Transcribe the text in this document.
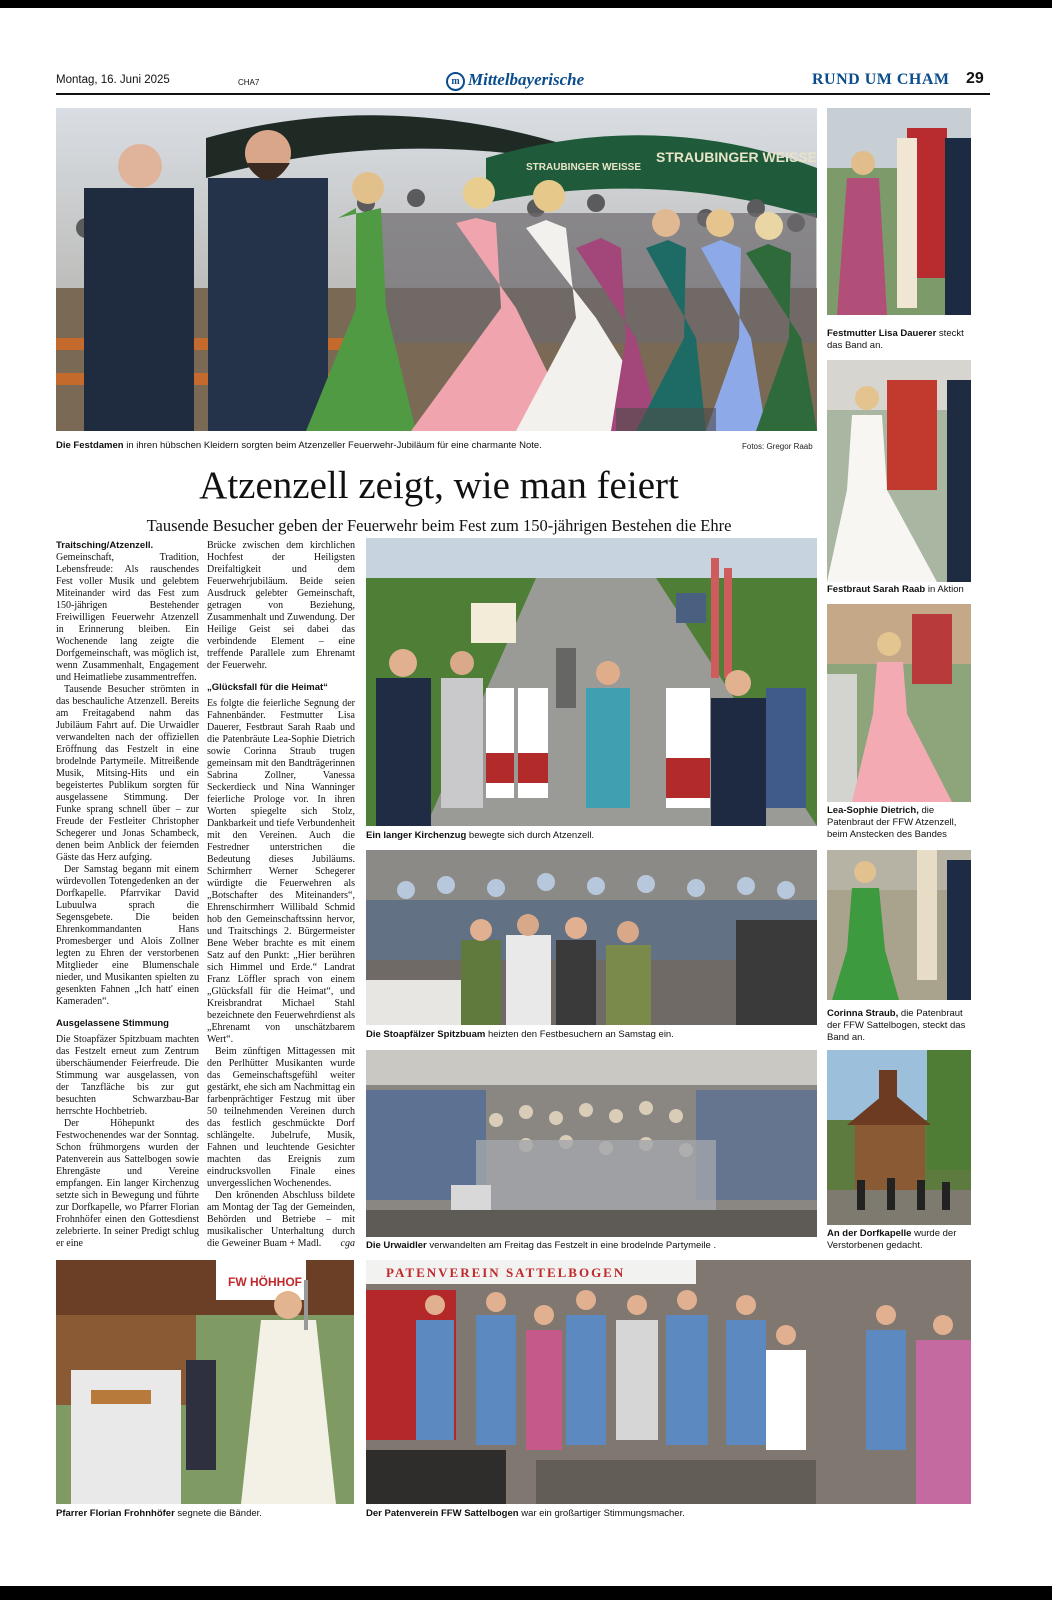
Montag, 16. Juni 2025	CHA7	m Mittelbayerische	RUND UM CHAM 29
STRAUBINGER WEISSE
STRAUBINGER WEISSE
Die Festdamen in ihren hübschen Kleidern sorgten beim Atzenzeller Feuerwehr-Jubiläum für eine charmante Note.	Fotos: Gregor Raab
Atzenzell zeigt, wie man feiert
Tausende Besucher geben der Feuerwehr beim Fest zum 150-jährigen Bestehen die Ehre
Festmutter Lisa Dauerer steckt das Band an.
Festbraut Sarah Raab in Aktion
Lea-Sophie Dietrich, die Patenbraut der FFW Atzenzell, beim Anstecken des Bandes
Corinna Straub, die Patenbraut der FFW Sattelbogen, steckt das Band an.
An der Dorfkapelle wurde der Verstorbenen gedacht.
Ein langer Kirchenzug bewegte sich durch Atzenzell.
Die Stoapfälzer Spitzbuam heizten den Festbesuchern an Samstag ein.
Die Urwaidler verwandelten am Freitag das Festzelt in eine brodelnde Partymeile .
FW HÖHHOF
Pfarrer Florian Frohnhöfer segnete die Bänder.
PATENVEREIN SATTELBOGEN
Der Patenverein FFW Sattelbogen war ein großartiger Stimmungsmacher.

Traitsching/Atzenzell. Gemeinschaft, Tradition, Lebensfreude: Als rauschendes Fest voller Musik und gelebtem Miteinander wird das Fest zum 150-jährigen Bestehender Freiwilligen Feuerwehr Atzenzell in Erinnerung bleiben. Ein Wochenende lang zeigte die Dorfgemeinschaft, was möglich ist, wenn Zusammenhalt, Engagement und Heimatliebe zusammentreffen.

Tausende Besucher strömten in das beschauliche Atzenzell. Bereits am Freitagabend nahm das Jubiläum Fahrt auf. Die Urwaidler verwandelten nach der offiziellen Eröffnung das Festzelt in eine brodelnde Partymeile. Mitreißende Musik, Mitsing-Hits und ein begeistertes Publikum sorgten für ausgelassene Stimmung. Der Funke sprang schnell über – zur Freude der Festleiter Christopher Schegerer und Jonas Schambeck, denen beim Anblick der feiernden Gäste das Herz aufging.

Der Samstag begann mit einem würdevollen Totengedenken an der Dorfkapelle. Pfarrvikar David Lubuulwa sprach die Segensgebete. Die beiden Ehrenkommandanten Hans Promesberger und Alois Zollner legten zu Ehren der verstorbenen Mitglieder eine Blumenschale nieder, und Musikanten spielten zu gesenkten Fahnen „Ich hatt' einen Kameraden“.

Ausgelassene Stimmung

Die Stoapfäzer Spitzbuam machten das Festzelt erneut zum Zentrum überschäumender Feierfreude. Die Stimmung war ausgelassen, von der Tanzfläche bis zur gut besuchten Schwarzbau-Bar herrschte Hochbetrieb.

Der Höhepunkt des Festwochenendes war der Sonntag. Schon frühmorgens wurden der Patenverein aus Sattelbogen sowie Ehrengäste und Vereine empfangen. Ein langer Kirchenzug setzte sich in Bewegung und führte zur Dorfkapelle, wo Pfarrer Florian Frohnhöfer einen den Gottesdienst zelebrierte. In seiner Predigt schlug er eine

Brücke zwischen dem kirchlichen Hochfest der Heiligsten Dreifaltigkeit und dem Feuerwehrjubiläum. Beide seien Ausdruck gelebter Gemeinschaft, getragen von Beziehung, Zusammenhalt und Zuwendung. Der Heilige Geist sei dabei das verbindende Element – eine treffende Parallele zum Ehrenamt der Feuerwehr.

„Glücksfall für die Heimat“

Es folgte die feierliche Segnung der Fahnenbänder. Festmutter Lisa Dauerer, Festbraut Sarah Raab und die Patenbräute Lea-Sophie Dietrich sowie Corinna Straub trugen gemeinsam mit den Bandträgerinnen Sabrina Zollner, Vanessa Seckerdieck und Nina Wanninger feierliche Prologe vor. In ihren Worten spiegelte sich Stolz, Dankbarkeit und tiefe Verbundenheit mit den Vereinen. Auch die Festredner unterstrichen die Bedeutung dieses Jubiläums. Schirmherr Werner Schegerer würdigte die Feuerwehren als „Botschafter des Miteinanders“, Ehrenschirmherr Willibald Schmid hob den Gemeinschaftssinn hervor, und Traitschings 2. Bürgermeister Bene Weber brachte es mit einem Satz auf den Punkt: „Hier berühren sich Himmel und Erde.“ Landrat Franz Löffler sprach von einem „Glücksfall für die Heimat“, und Kreisbrandrat Michael Stahl bezeichnete den Feuerwehrdienst als „Ehrenamt von unschätzbarem Wert“.

Beim zünftigen Mittagessen mit den Perlhütter Musikanten wurde das Gemeinschaftsgefühl weiter gestärkt, ehe sich am Nachmittag ein farbenprächtiger Festzug mit über 50 teilnehmenden Vereinen durch das festlich geschmückte Dorf schlängelte. Jubelrufe, Musik, Fahnen und leuchtende Gesichter machten das Ereignis zum eindrucksvollen Finale eines unvergesslichen Wochenendes.

Den krönenden Abschluss bildete am Montag der Tag der Gemeinden, Behörden und Betriebe – mit musikalischer Unterhaltung durch die Geweiner Buam + Madl.	cga
